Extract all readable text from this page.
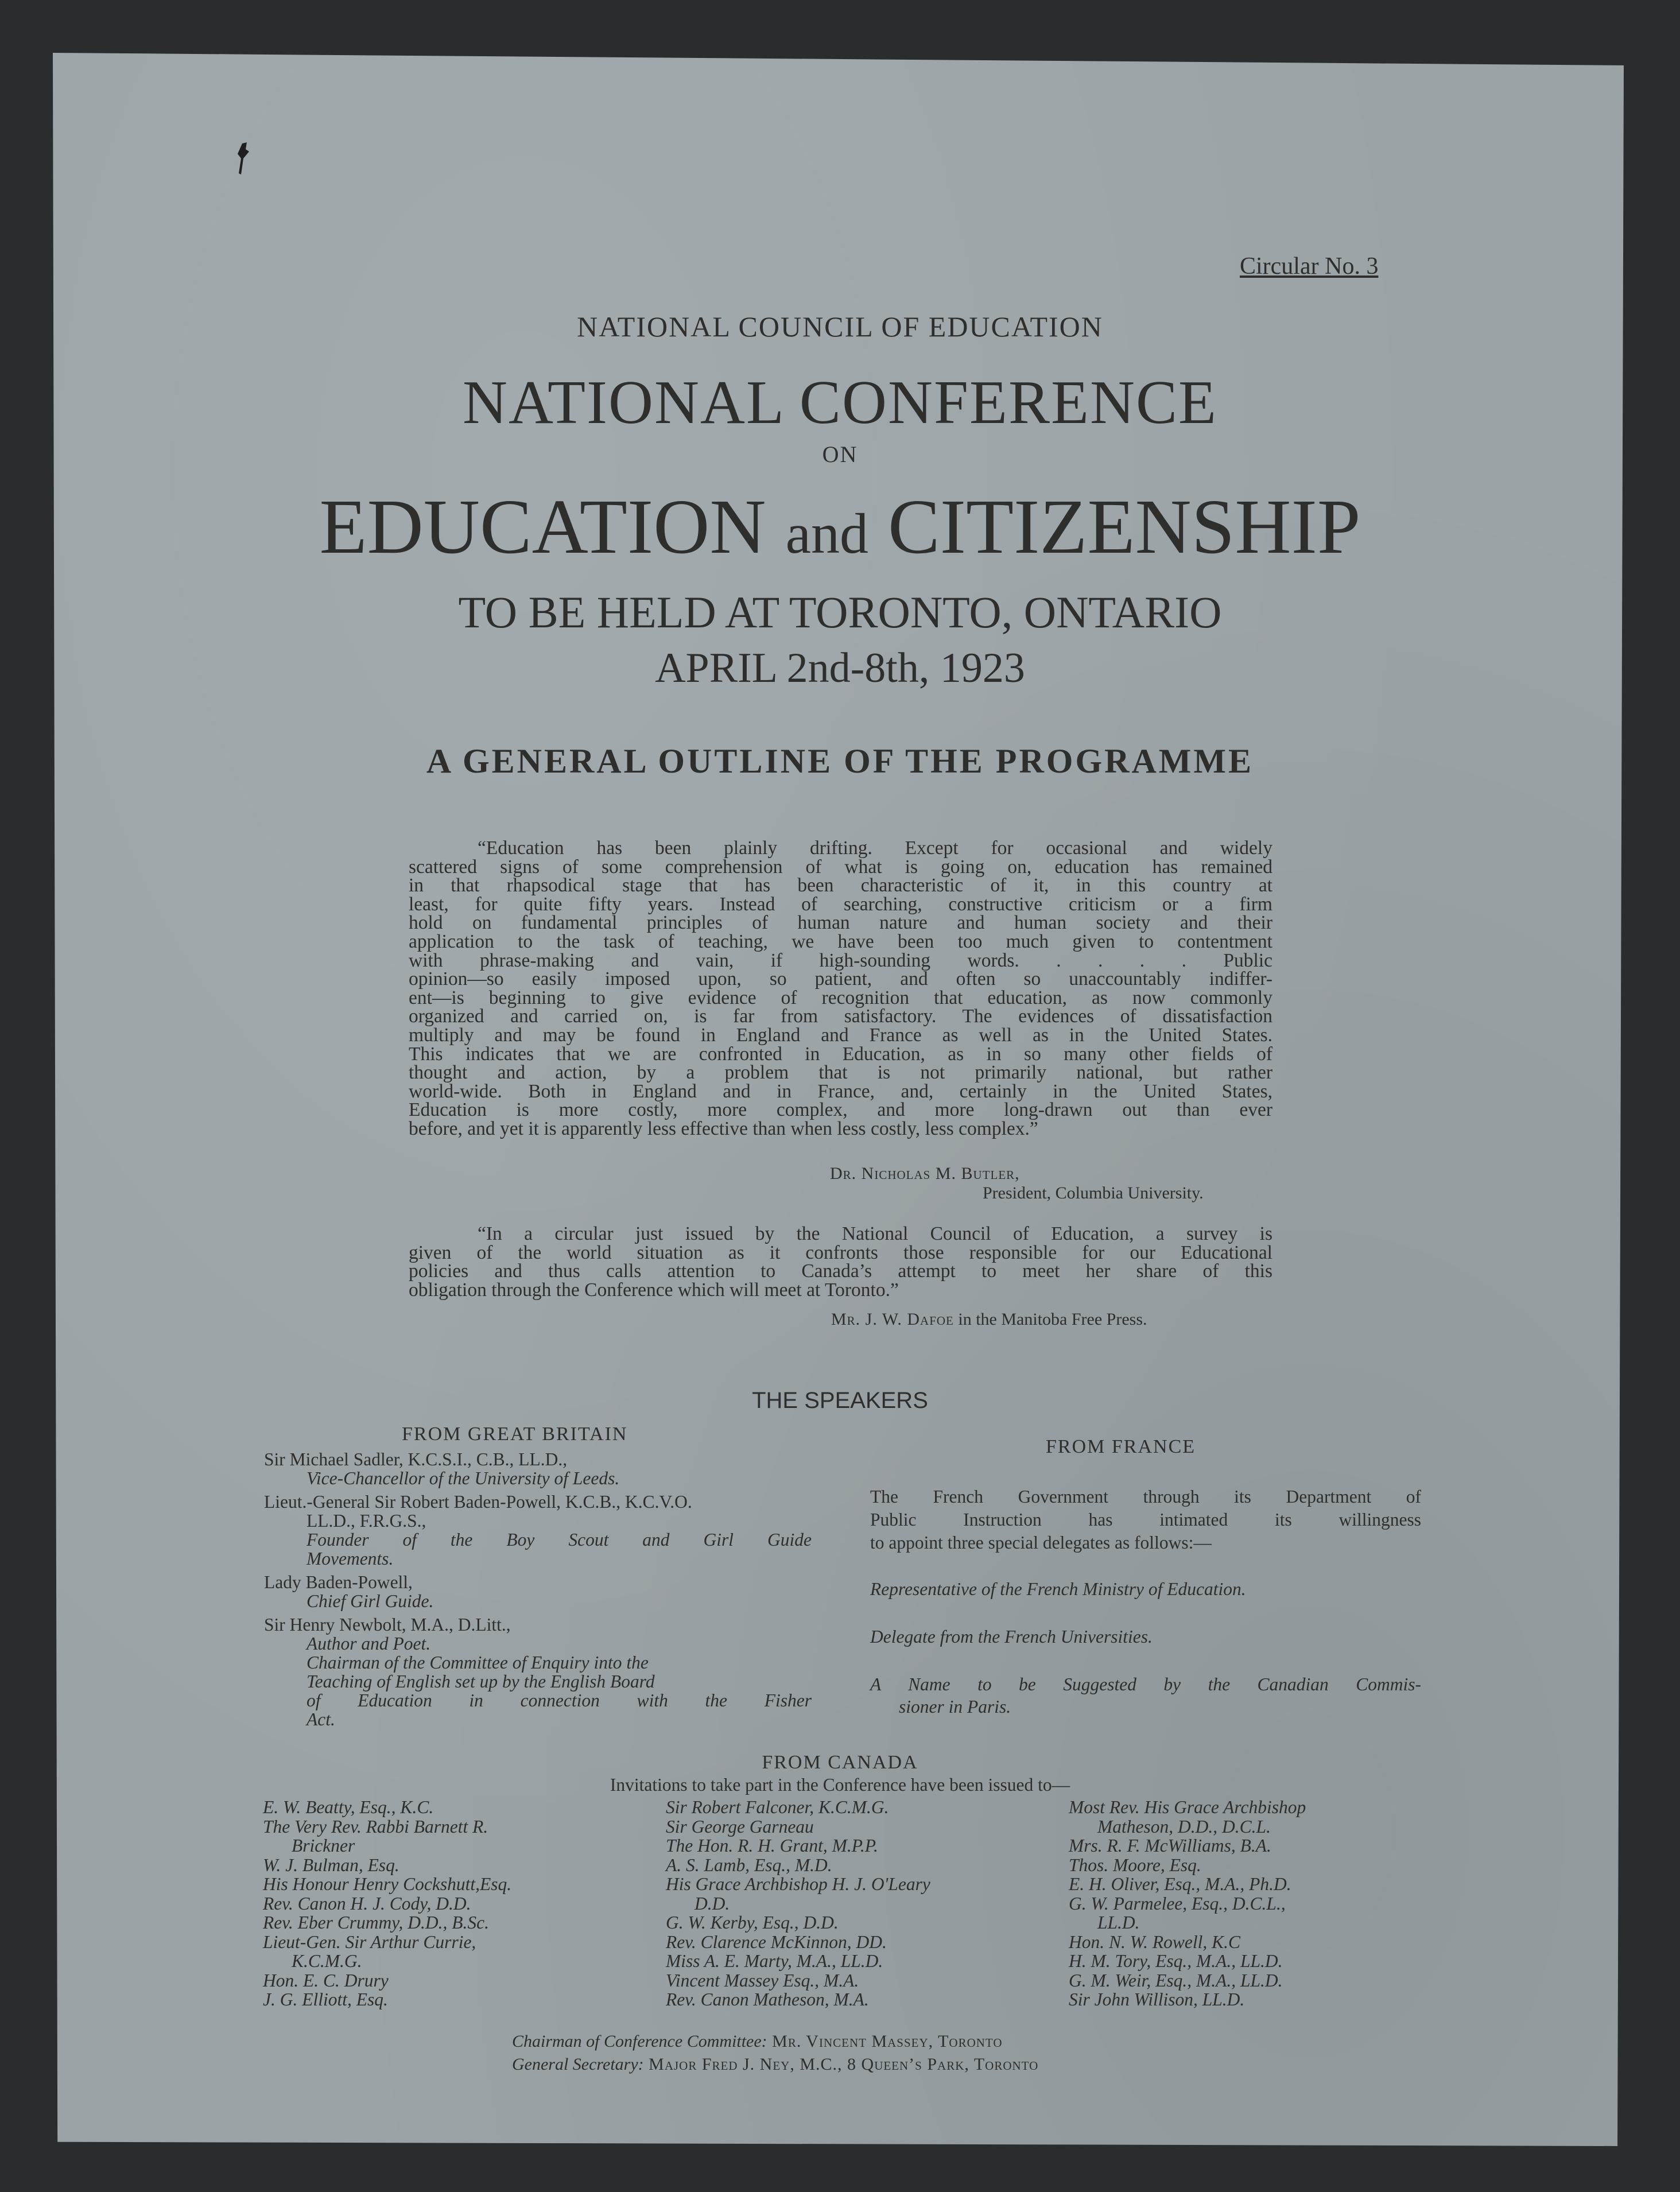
Circular No. 3
NATIONAL COUNCIL OF EDUCATION
NATIONAL CONFERENCE
ON
EDUCATION and CITIZENSHIP
TO BE HELD AT TORONTO, ONTARIO
APRIL 2nd-8th, 1923
A GENERAL OUTLINE OF THE PROGRAMME

“Education has been plainly drifting. Except for occasional and widely

scattered signs of some comprehension of what is going on, education has remained

in that rhapsodical stage that has been characteristic of it, in this country at

least, for quite fifty years. Instead of searching, constructive criticism or a firm

hold on fundamental principles of human nature and human society and their

application to the task of teaching, we have been too much given to contentment

with phrase-making and vain, if high-sounding words. . . . . Public

opinion—so easily imposed upon, so patient, and often so unaccountably indiffer-

ent—is beginning to give evidence of recognition that education, as now commonly

organized and carried on, is far from satisfactory. The evidences of dissatisfaction

multiply and may be found in England and France as well as in the United States.

This indicates that we are confronted in Education, as in so many other fields of

thought and action, by a problem that is not primarily national, but rather

world-wide. Both in England and in France, and, certainly in the United States,

Education is more costly, more complex, and more long-drawn out than ever

before, and yet it is apparently less effective than when less costly, less complex.”

Dr. Nicholas M. Butler,
President, Columbia University.

“In a circular just issued by the National Council of Education, a survey is

given of the world situation as it confronts those responsible for our Educational

policies and thus calls attention to Canada’s attempt to meet her share of this

obligation through the Conference which will meet at Toronto.”

Mr. J. W. Dafoe in the Manitoba Free Press.
THE SPEAKERS
FROM GREAT BRITAIN
Sir Michael Sadler, K.C.S.I., C.B., LL.D.,
Vice-Chancellor of the University of Leeds.
Lieut.-General Sir Robert Baden-Powell, K.C.B., K.C.V.O.
LL.D., F.R.G.S.,
Founder of the Boy Scout and Girl Guide
Movements.
Lady Baden-Powell,
Chief Girl Guide.
Sir Henry Newbolt, M.A., D.Litt.,
Author and Poet.
Chairman of the Committee of Enquiry into the
Teaching of English set up by the English Board
of Education in connection with the Fisher
Act.
FROM FRANCE
The French Government through its Department of
Public Instruction has intimated its willingness
to appoint three special delegates as follows:—
Representative of the French Ministry of Education.
Delegate from the French Universities.
A Name to be Suggested by the Canadian Commis-
sioner in Paris.
FROM CANADA
Invitations to take part in the Conference have been issued to—
E. W. Beatty, Esq., K.C.
The Very Rev. Rabbi Barnett R.
Brickner
W. J. Bulman, Esq.
His Honour Henry Cockshutt,Esq.
Rev. Canon H. J. Cody, D.D.
Rev. Eber Crummy, D.D., B.Sc.
Lieut-Gen. Sir Arthur Currie,
K.C.M.G.
Hon. E. C. Drury
J. G. Elliott, Esq.
Sir Robert Falconer, K.C.M.G.
Sir George Garneau
The Hon. R. H. Grant, M.P.P.
A. S. Lamb, Esq., M.D.
His Grace Archbishop H. J. O'Leary
D.D.
G. W. Kerby, Esq., D.D.
Rev. Clarence McKinnon, DD.
Miss A. E. Marty, M.A., LL.D.
Vincent Massey Esq., M.A.
Rev. Canon Matheson, M.A.
Most Rev. His Grace Archbishop
Matheson, D.D., D.C.L.
Mrs. R. F. McWilliams, B.A.
Thos. Moore, Esq.
E. H. Oliver, Esq., M.A., Ph.D.
G. W. Parmelee, Esq., D.C.L.,
LL.D.
Hon. N. W. Rowell, K.C
H. M. Tory, Esq., M.A., LL.D.
G. M. Weir, Esq., M.A., LL.D.
Sir John Willison, LL.D.
Chairman of Conference Committee: Mr. Vincent Massey, Toronto
General Secretary: Major Fred J. Ney, M.C., 8 Queen’s Park, Toronto
